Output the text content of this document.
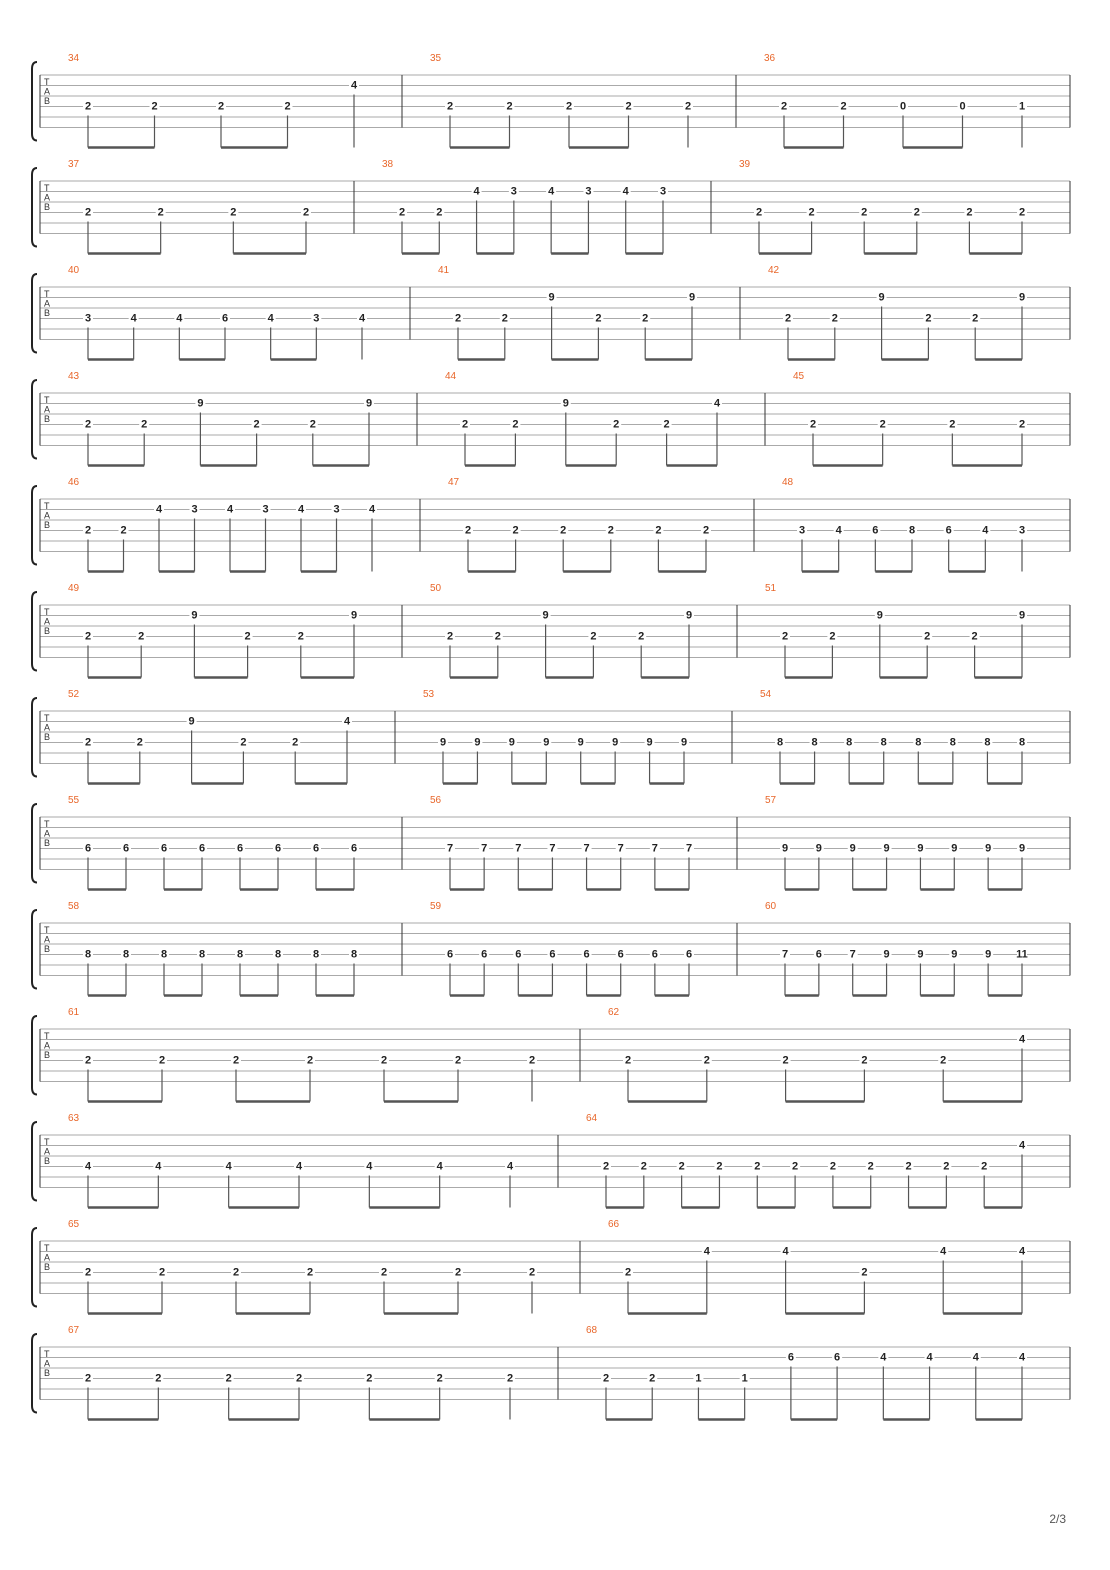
T
A
B
34
2	2	2	2
4
35
2	2	2	2	2
36
2	2	0	0	1
T
A
B
37
2	2	2	2
38
2	2
4	3	4	3	4	3
39
2	2	2	2	2	2
T
A
B
40
3	4	4	6	4	3	4
41
2	2
9
2	2
9
42
2	2
9
2	2
9
T
A
B
43
2	2
9
2	2
9
44
2	2
9
2	2
4
45
2	2	2	2
T
A
B
46
2	2
4	3	4	3	4	3	4
47
2	2	2	2	2	2
48
3	4	6	8	6	4	3
T
A
B
49
2	2
9
2	2
9
50
2	2
9
2	2
9
51
2	2
9
2	2
9
T
A
B
52
2	2
9
2	2
4
53
9	9	9	9	9	9	9	9
54
8	8	8	8	8	8	8	8
T
A
B
55
6	6	6	6	6	6	6	6
56
7	7	7	7	7	7	7	7
57
9	9	9	9	9	9	9	9
T
A
B
58
8	8	8	8	8	8	8	8
59
6	6	6	6	6	6	6	6
60
7	6	7	9	9	9	9 11
T
A
B
61
2	2	2	2	2	2	2
62
2	2	2	2	2
4
T
A
B
63
4	4	4	4	4	4	4
64
2	2	2	2	2	2	2	2	2	2	2
4
T
A
B
65
2	2	2	2	2	2	2
66
2
4	4
2
4	4
T
A
B
67
2	2	2	2	2	2	2
68
2	2	1	1
6	6	4	4	4	4
2/3
